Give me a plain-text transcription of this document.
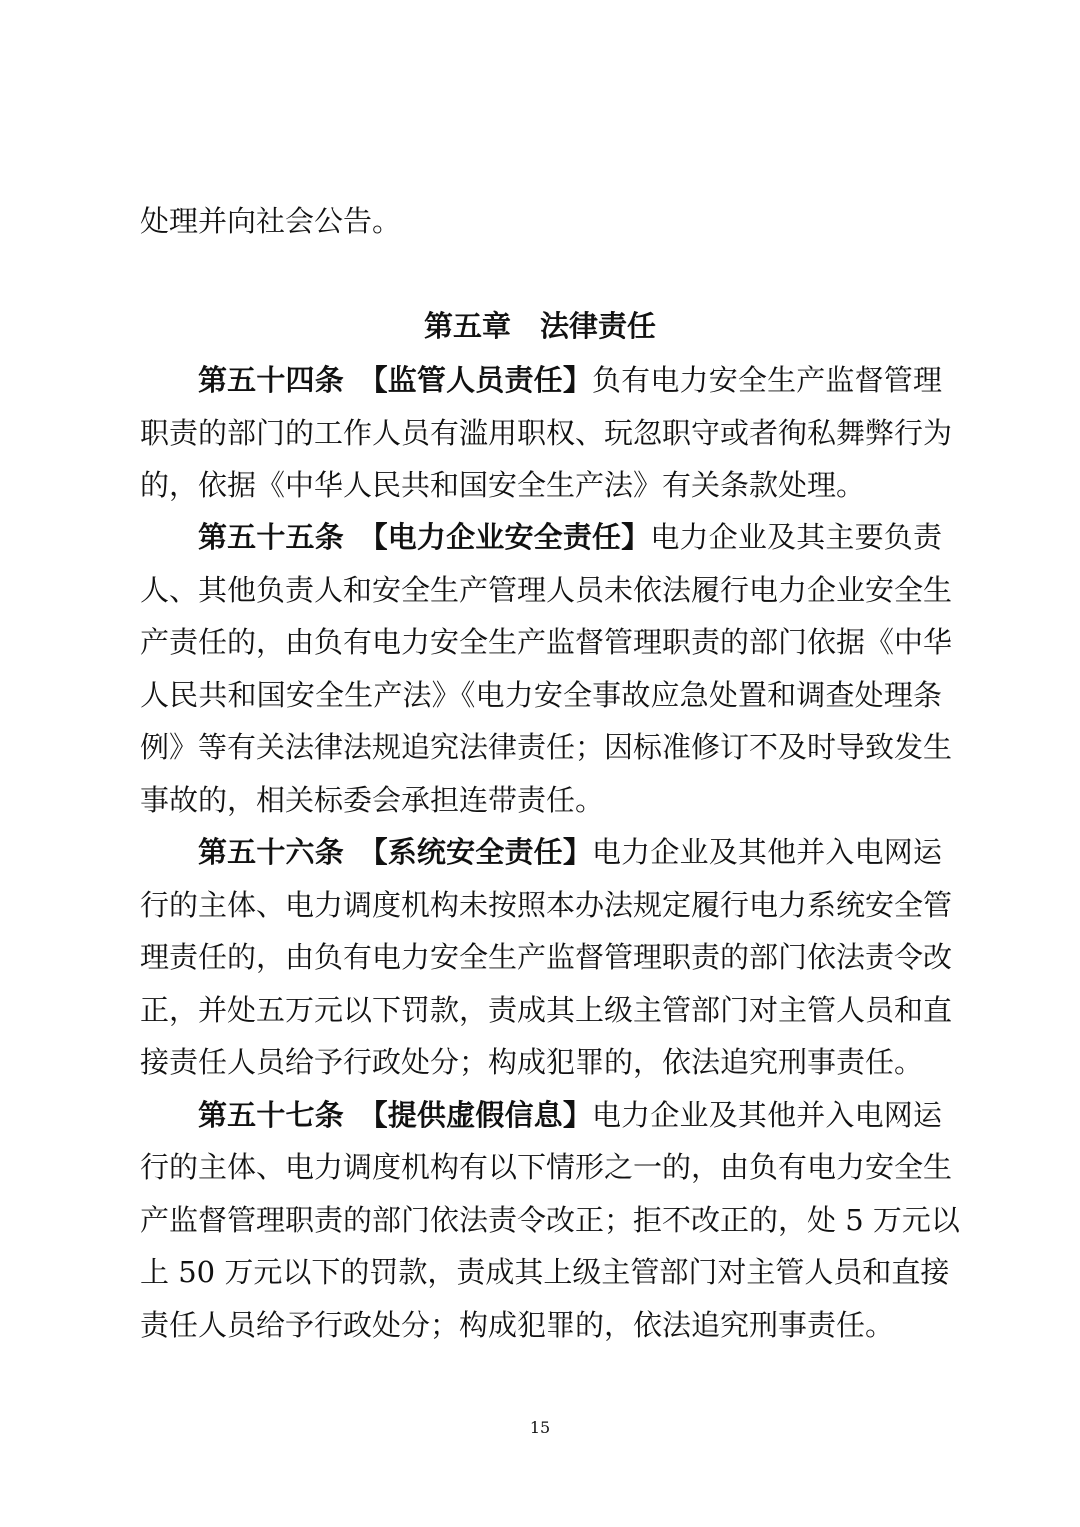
处理并向社会公告。
第五章　法律责任
第五十四条　 【监管人员责任】负有电力安全生产监督管理
职责的部门的工作人员有滥用职权、玩忽职守或者徇私舞弊行为
的，依据《中华人民共和国安全生产法》有关条款处理。
第五十五条　 【电力企业安全责任】电力企业及其主要负责
人、其他负责人和安全生产管理人员未依法履行电力企业安全生
产责任的，由负有电力安全生产监督管理职责的部门依据《中华
人民共和国安全生产法》《电力安全事故应急处置和调查处理条
例》等有关法律法规追究法律责任；因标准修订不及时导致发生
事故的，相关标委会承担连带责任。
第五十六条　 【系统安全责任】电力企业及其他并入电网运
行的主体、电力调度机构未按照本办法规定履行电力系统安全管
理责任的，由负有电力安全生产监督管理职责的部门依法责令改
正，并处五万元以下罚款，责成其上级主管部门对主管人员和直
接责任人员给予行政处分；构成犯罪的，依法追究刑事责任。
第五十七条　 【提供虚假信息】电力企业及其他并入电网运
行的主体、电力调度机构有以下情形之一的，由负有电力安全生
产监督管理职责的部门依法责令改正；拒不改正的，处 5 万元以
上 50 万元以下的罚款，责成其上级主管部门对主管人员和直接
责任人员给予行政处分；构成犯罪的，依法追究刑事责任。
15
